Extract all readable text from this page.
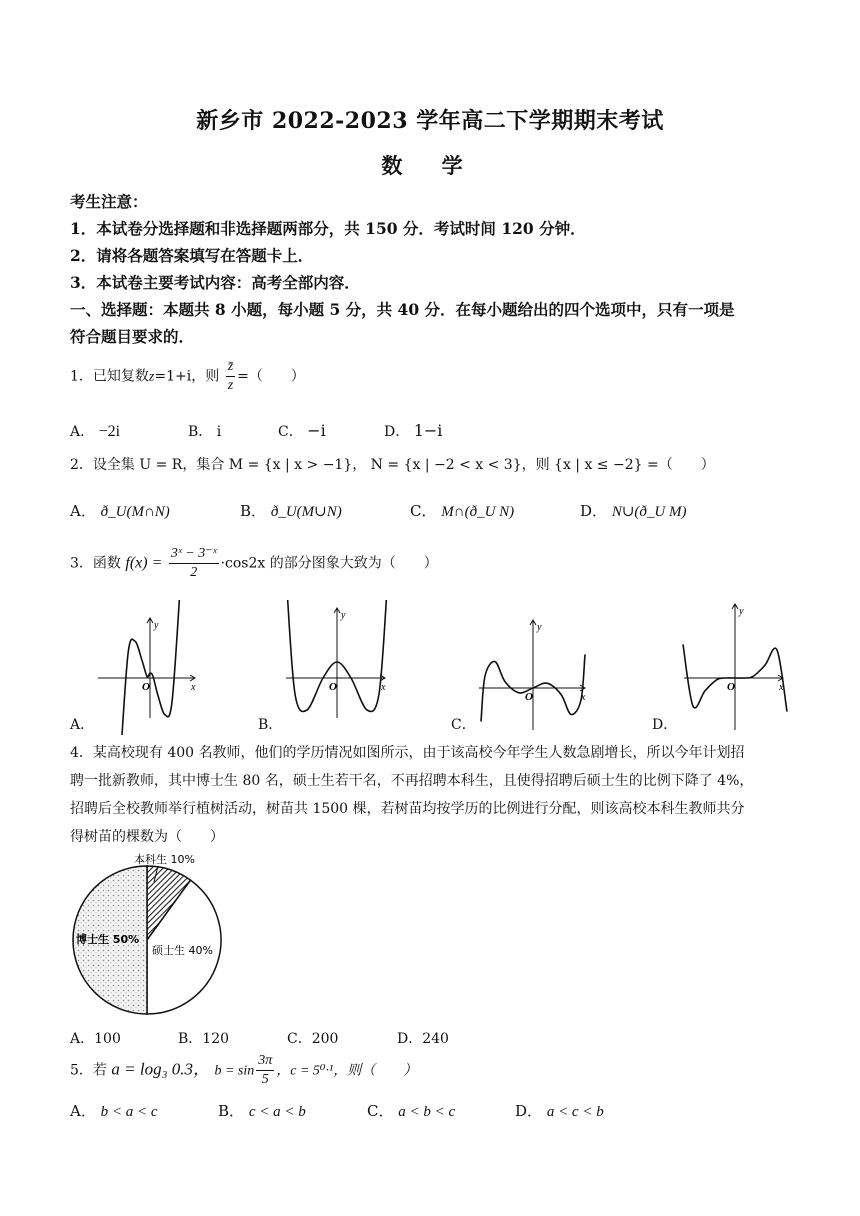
新乡市 2022-2023 学年高二下学期期末考试
数 学
考生注意：
1．本试卷分选择题和非选择题两部分，共 150 分．考试时间 120 分钟．
2．请将各题答案填写在答题卡上．
3．本试卷主要考试内容：高考全部内容．
一、选择题：本题共 8 小题，每小题 5 分，共 40 分．在每小题给出的四个选项中，只有一项是
符合题目要求的．
1．已知复数z=1+i，则 $\frac{z̄}{z}$ =（　　）
A． −2i	B． i	C． −i	D． 1−i
2．设全集 U = R，集合 M = {x | x > −1}， N = {x | −2 < x < 3}，则 {x | x ≤ −2} =（　　）
A． ð_U(M∩N)	B． ð_U(M∪N)	C． M∩(ð_U N)	D． N∪(ð_U M)
3．函数 $f(x) = \frac{\text{3ˣ − 3⁻ˣ}}{2} \cdot\cos 2x$ 的部分图象大致为（　　）
x
y
O	x
y
O
x
y
O
x
y
O
A．	B．	C．	D．
4．某高校现有 400 名教师，他们的学历情况如图所示，由于该高校今年学生人数急剧增长，所以今年计划招
聘一批新教师，其中博士生 80 名，硕士生若干名，不再招聘本科生，且使得招聘后硕士生的比例下降了 4%，
招聘后全校教师举行植树活动，树苗共 1500 棵，若树苗均按学历的比例进行分配，则该高校本科生教师共分
得树苗的棵数为（　　）
本科生 10%
硕士生 40%
博士生 50%
A．100	B．120	C．200	D．240
5．若 a = log₃ 0.3， $b = \sin \frac{3\pi}{5}$ ，c = 5⁰·¹，则（　　）
A． b < a < c	B． c < a < b	C． a < b < c	D． a < c < b
